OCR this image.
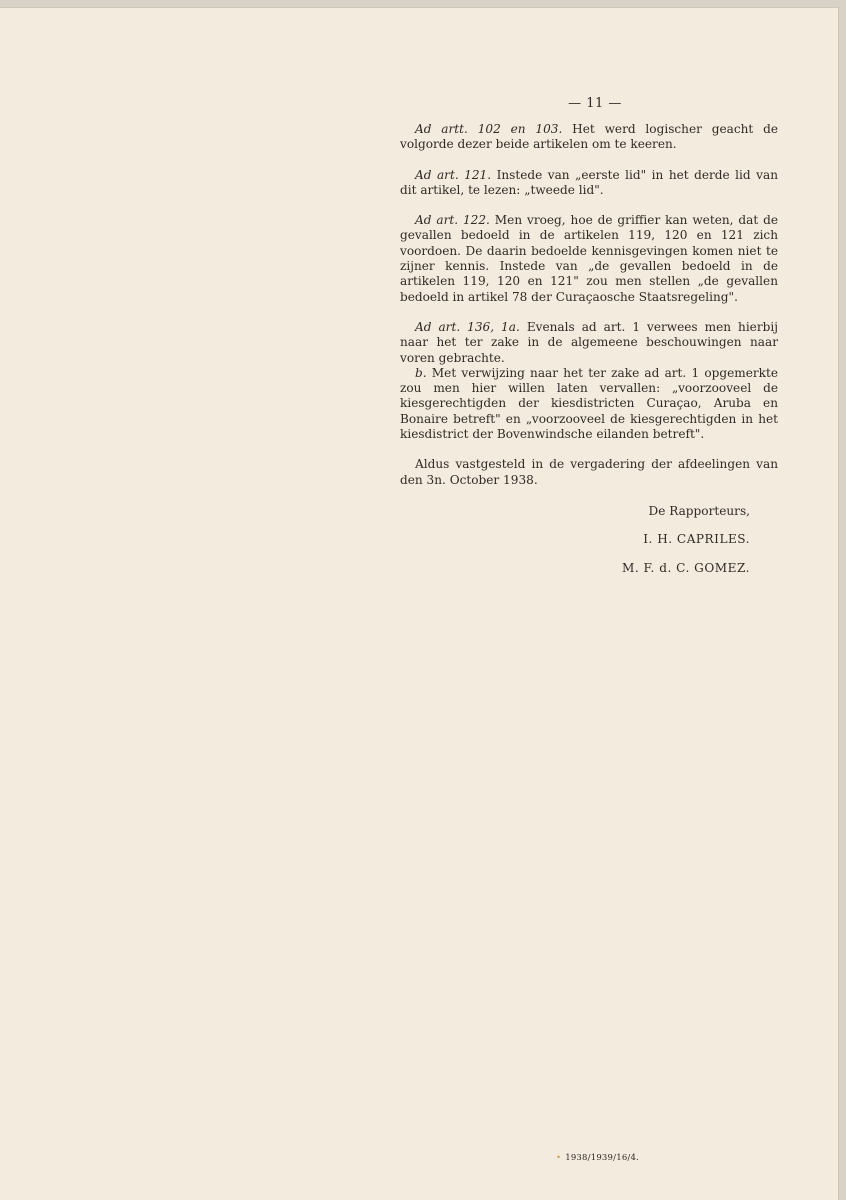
— 11 —

Ad artt. 102 en 103. Het werd logischer geacht de volgorde dezer beide artikelen om te keeren.

Ad art. 121. Instede van „eerste lid" in het derde lid van dit artikel, te lezen: „tweede lid".

Ad art. 122. Men vroeg, hoe de griffier kan weten, dat de gevallen bedoeld in de artikelen 119, 120 en 121 zich voordoen. De daarin bedoelde kennisgevingen komen niet te zijner kennis. Instede van „de gevallen bedoeld in de artikelen 119, 120 en 121" zou men stellen „de gevallen bedoeld in artikel 78 der Curaçaosche Staatsregeling".

Ad art. 136, 1a. Evenals ad art. 1 verwees men hierbij naar het ter zake in de algemeene beschouwingen naar voren gebrachte.

b. Met verwijzing naar het ter zake ad art. 1 opgemerkte zou men hier willen laten vervallen: „voorzooveel de kiesgerechtigden der kiesdistricten Curaçao, Aruba en Bonaire betreft" en „voorzooveel de kiesgerechtigden in het kiesdistrict der Bovenwindsche eilanden betreft".

Aldus vastgesteld in de vergadering der afdeelingen van den 3n. October 1938.

De Rapporteurs,

I. H. CAPRILES.

M. F. d. C. GOMEZ.

• 1938/1939/16/4.
